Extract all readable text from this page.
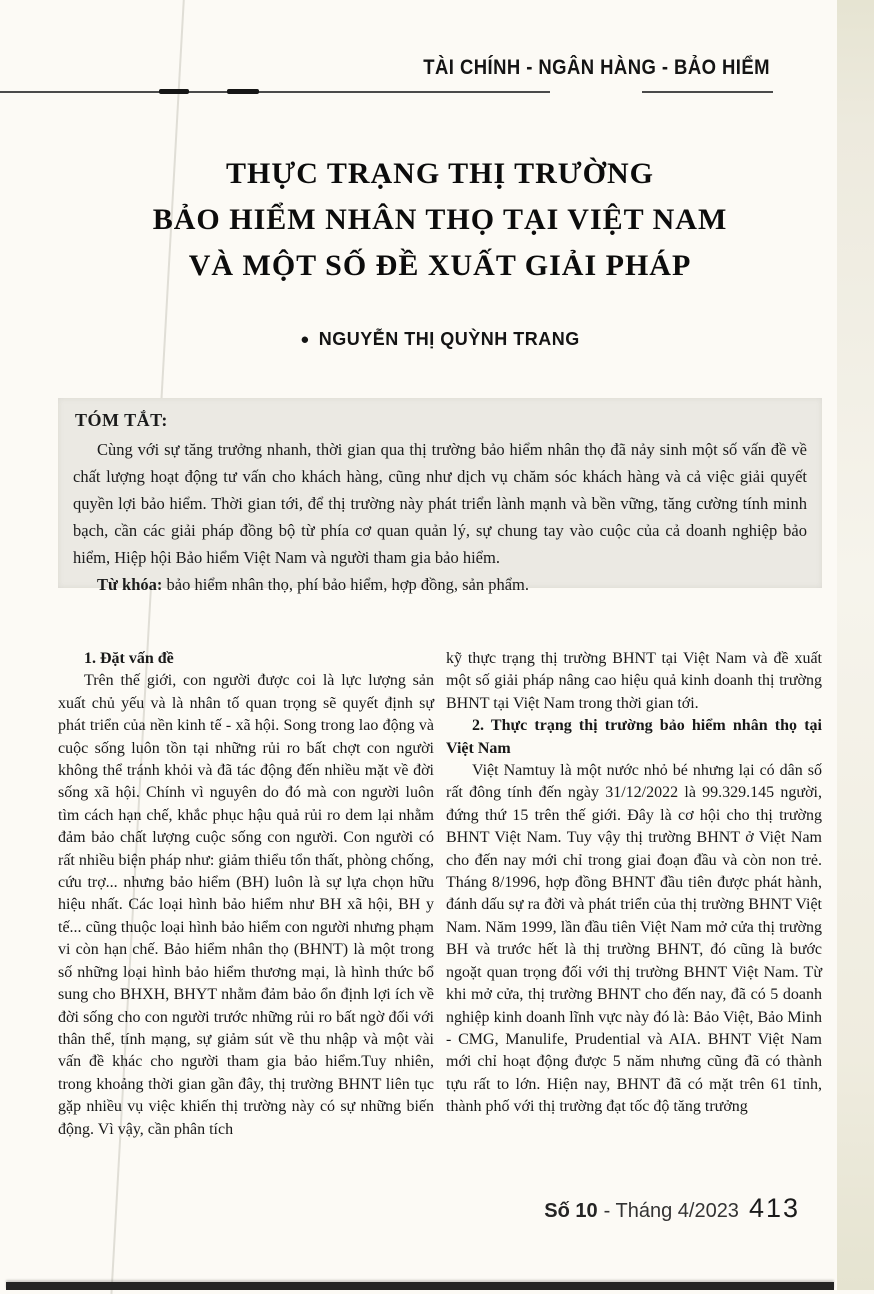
TÀI CHÍNH - NGÂN HÀNG - BẢO HIỂM
THỰC TRẠNG THỊ TRƯỜNG
BẢO HIỂM NHÂN THỌ TẠI VIỆT NAM
VÀ MỘT SỐ ĐỀ XUẤT GIẢI PHÁP
● NGUYỄN THỊ QUỲNH TRANG
TÓM TẮT:

Cùng với sự tăng trưởng nhanh, thời gian qua thị trường bảo hiểm nhân thọ đã nảy sinh một số vấn đề về chất lượng hoạt động tư vấn cho khách hàng, cũng như dịch vụ chăm sóc khách hàng và cả việc giải quyết quyền lợi bảo hiểm. Thời gian tới, để thị trường này phát triển lành mạnh và bền vững, tăng cường tính minh bạch, cần các giải pháp đồng bộ từ phía cơ quan quản lý, sự chung tay vào cuộc của cả doanh nghiệp bảo hiểm, Hiệp hội Bảo hiểm Việt Nam và người tham gia bảo hiểm.

Từ khóa: bảo hiểm nhân thọ, phí bảo hiểm, hợp đồng, sản phẩm.

1. Đặt vấn đề

Trên thế giới, con người được coi là lực lượng sản xuất chủ yếu và là nhân tố quan trọng sẽ quyết định sự phát triển của nền kinh tế - xã hội. Song trong lao động và cuộc sống luôn tồn tại những rủi ro bất chợt con người không thể tránh khỏi và đã tác động đến nhiều mặt về đời sống xã hội. Chính vì nguyên do đó mà con người luôn tìm cách hạn chế, khắc phục hậu quả rủi ro dem lại nhằm đảm bảo chất lượng cuộc sống con người. Con người có rất nhiều biện pháp như: giảm thiểu tổn thất, phòng chống, cứu trợ... nhưng bảo hiểm (BH) luôn là sự lựa chọn hữu hiệu nhất. Các loại hình bảo hiểm như BH xã hội, BH y tế... cũng thuộc loại hình bảo hiểm con người nhưng phạm vi còn hạn chế. Bảo hiểm nhân thọ (BHNT) là một trong số những loại hình bảo hiểm thương mại, là hình thức bổ sung cho BHXH, BHYT nhằm đảm bảo ổn định lợi ích về đời sống cho con người trước những rủi ro bất ngờ đối với thân thể, tính mạng, sự giảm sút về thu nhập và một vài vấn đề khác cho người tham gia bảo hiểm.Tuy nhiên, trong khoảng thời gian gần đây, thị trường BHNT liên tục gặp nhiều vụ việc khiến thị trường này có sự những biến động. Vì vậy, cần phân tích

kỹ thực trạng thị trường BHNT tại Việt Nam và đề xuất một số giải pháp nâng cao hiệu quả kinh doanh thị trường BHNT tại Việt Nam trong thời gian tới.

2. Thực trạng thị trường bảo hiểm nhân thọ tại Việt Nam

Việt Namtuy là một nước nhỏ bé nhưng lại có dân số rất đông tính đến ngày 31/12/2022 là 99.329.145 người, đứng thứ 15 trên thế giới. Đây là cơ hội cho thị trường BHNT Việt Nam. Tuy vậy thị trường BHNT ở Việt Nam cho đến nay mới chỉ trong giai đoạn đầu và còn non trẻ. Tháng 8/1996, hợp đồng BHNT đầu tiên được phát hành, đánh dấu sự ra đời và phát triển của thị trường BHNT Việt Nam. Năm 1999, lần đầu tiên Việt Nam mở cửa thị trường BH và trước hết là thị trường BHNT, đó cũng là bước ngoặt quan trọng đối với thị trường BHNT Việt Nam. Từ khi mở cửa, thị trường BHNT cho đến nay, đã có 5 doanh nghiệp kinh doanh lĩnh vực này đó là: Bảo Việt, Bảo Minh - CMG, Manulife, Prudential và AIA. BHNT Việt Nam mới chỉ hoạt động được 5 năm nhưng cũng đã có thành tựu rất to lớn. Hiện nay, BHNT đã có mặt trên 61 tỉnh, thành phố với thị trường đạt tốc độ tăng trưởng

Số 10 - Tháng 4/2023 413
